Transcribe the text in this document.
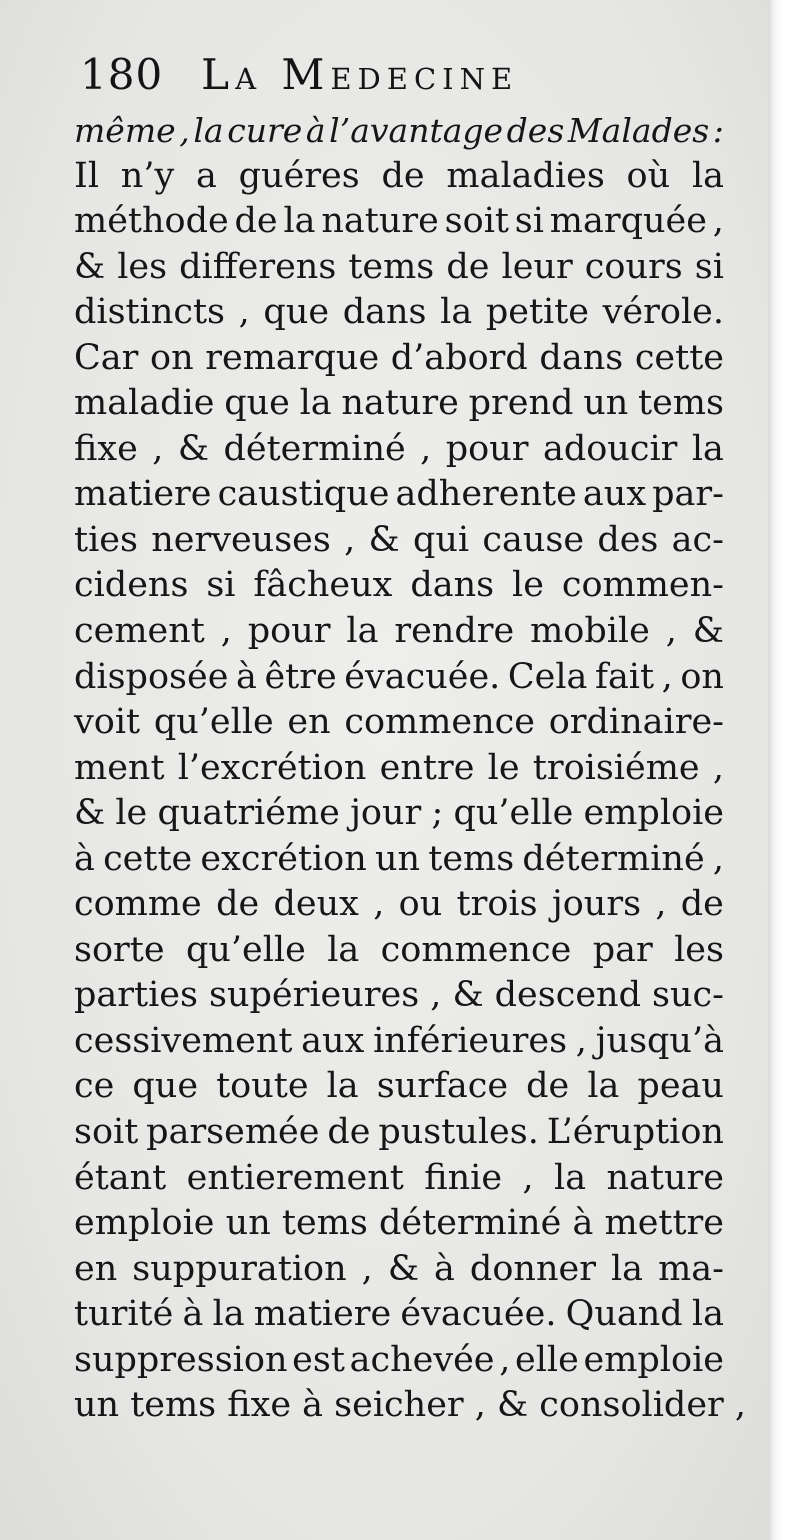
180 La Medecine
même , la cure à l’avantage des Malades :
Il n’y a guéres de maladies où la
méthode de la nature soit si marquée ,
& les differens tems de leur cours si
distincts , que dans la petite vérole.
Car on remarque d’abord dans cette
maladie que la nature prend un tems
fixe , & déterminé , pour adoucir la
matiere caustique adherente aux par-
ties nerveuses , & qui cause des ac-
cidens si fâcheux dans le commen-
cement , pour la rendre mobile , &
disposée à être évacuée. Cela fait , on
voit qu’elle en commence ordinaire-
ment l’excrétion entre le troisiéme ,
& le quatriéme jour ; qu’elle emploie
à cette excrétion un tems déterminé ,
comme de deux , ou trois jours , de
sorte qu’elle la commence par les
parties supérieures , & descend suc-
cessivement aux inférieures , jusqu’à
ce que toute la surface de la peau
soit parsemée de pustules. L’éruption
étant entierement finie , la nature
emploie un tems déterminé à mettre
en suppuration , & à donner la ma-
turité à la matiere évacuée. Quand la
suppression est achevée , elle emploie
un tems fixe à seicher , & consolider ,
